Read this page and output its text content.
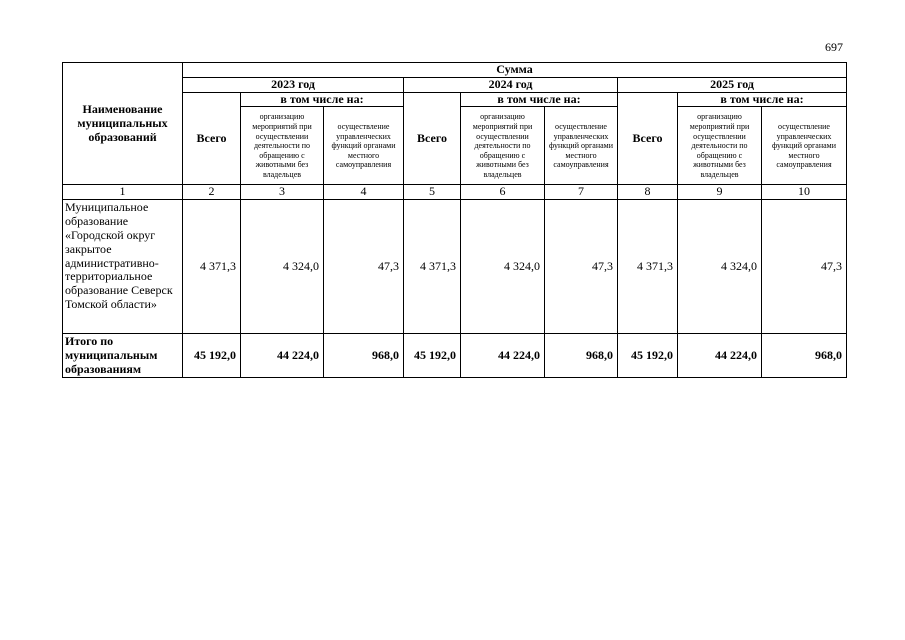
697
Наименование муниципальных образований	Сумма								
	2023 год			2024 год			2025 год		
	Всего	в том числе на:		Всего	в том числе на:		Всего	в том числе на:	
		организацию мероприятий при осуществлении деятельности по обращению с животными без владельцев	осуществление управленческих функций органами местного самоуправления		организацию мероприятий при осуществлении деятельности по обращению с животными без владельцев	осуществление управленческих функций органами местного самоуправления		организацию мероприятий при осуществлении деятельности по обращению с животными без владельцев	осуществление управленческих функций органами местного самоуправления
1	2	3	4	5	6	7	8	9	10
Муниципальное образование «Городской округ закрытое административно-территориальное образование Северск Томской области»	4 371,3	4 324,0	47,3	4 371,3	4 324,0	47,3	4 371,3	4 324,0	47,3
Итого по муниципальным образованиям	45 192,0	44 224,0	968,0	45 192,0	44 224,0	968,0	45 192,0	44 224,0	968,0
